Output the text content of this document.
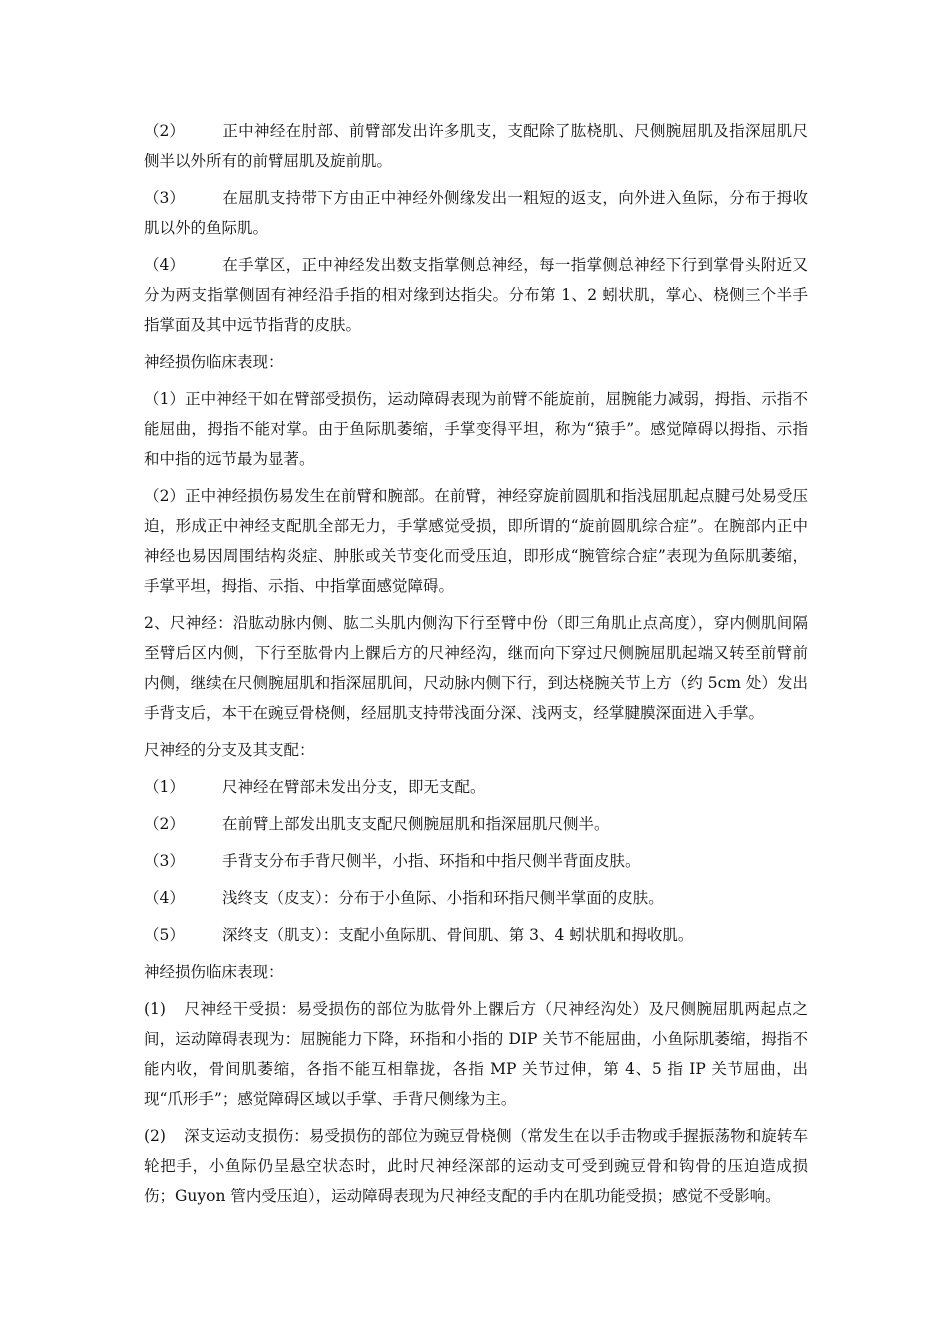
（2） 正中神经在肘部、前臂部发出许多肌支，支配除了肱桡肌、尺侧腕屈肌及指深屈肌尺侧半以外所有的前臂屈肌及旋前肌。

（3） 在屈肌支持带下方由正中神经外侧缘发出一粗短的返支，向外进入鱼际，分布于拇收肌以外的鱼际肌。

（4） 在手掌区，正中神经发出数支指掌侧总神经，每一指掌侧总神经下行到掌骨头附近又分为两支指掌侧固有神经沿手指的相对缘到达指尖。分布第 1、2 蚓状肌，掌心、桡侧三个半手指掌面及其中远节指背的皮肤。

神经损伤临床表现：

（1）正中神经干如在臂部受损伤，运动障碍表现为前臂不能旋前，屈腕能力减弱，拇指、示指不能屈曲，拇指不能对掌。由于鱼际肌萎缩，手掌变得平坦，称为“猿手”。感觉障碍以拇指、示指和中指的远节最为显著。

（2）正中神经损伤易发生在前臂和腕部。在前臂，神经穿旋前圆肌和指浅屈肌起点腱弓处易受压迫，形成正中神经支配肌全部无力，手掌感觉受损，即所谓的“旋前圆肌综合症”。在腕部内正中神经也易因周围结构炎症、肿胀或关节变化而受压迫，即形成“腕管综合症”表现为鱼际肌萎缩，手掌平坦，拇指、示指、中指掌面感觉障碍。

2、尺神经：沿肱动脉内侧、肱二头肌内侧沟下行至臂中份（即三角肌止点高度），穿内侧肌间隔至臂后区内侧，下行至肱骨内上髁后方的尺神经沟，继而向下穿过尺侧腕屈肌起端又转至前臂前内侧，继续在尺侧腕屈肌和指深屈肌间，尺动脉内侧下行，到达桡腕关节上方（约 5cm 处）发出手背支后，本干在豌豆骨桡侧，经屈肌支持带浅面分深、浅两支，经掌腱膜深面进入手掌。

尺神经的分支及其支配：

（1） 尺神经在臂部未发出分支，即无支配。

（2） 在前臂上部发出肌支支配尺侧腕屈肌和指深屈肌尺侧半。

（3） 手背支分布手背尺侧半，小指、环指和中指尺侧半背面皮肤。

（4） 浅终支（皮支）：分布于小鱼际、小指和环指尺侧半掌面的皮肤。

（5） 深终支（肌支）：支配小鱼际肌、骨间肌、第 3、4 蚓状肌和拇收肌。

神经损伤临床表现：

(1) 尺神经干受损：易受损伤的部位为肱骨外上髁后方（尺神经沟处）及尺侧腕屈肌两起点之间，运动障碍表现为：屈腕能力下降，环指和小指的 DIP 关节不能屈曲，小鱼际肌萎缩，拇指不能内收，骨间肌萎缩，各指不能互相靠拢，各指 MP 关节过伸，第 4、5 指 IP 关节屈曲，出现“爪形手”；感觉障碍区域以手掌、手背尺侧缘为主。

(2) 深支运动支损伤：易受损伤的部位为豌豆骨桡侧（常发生在以手击物或手握振荡物和旋转车轮把手，小鱼际仍呈悬空状态时，此时尺神经深部的运动支可受到豌豆骨和钩骨的压迫造成损伤；Guyon 管内受压迫），运动障碍表现为尺神经支配的手内在肌功能受损；感觉不受影响。
